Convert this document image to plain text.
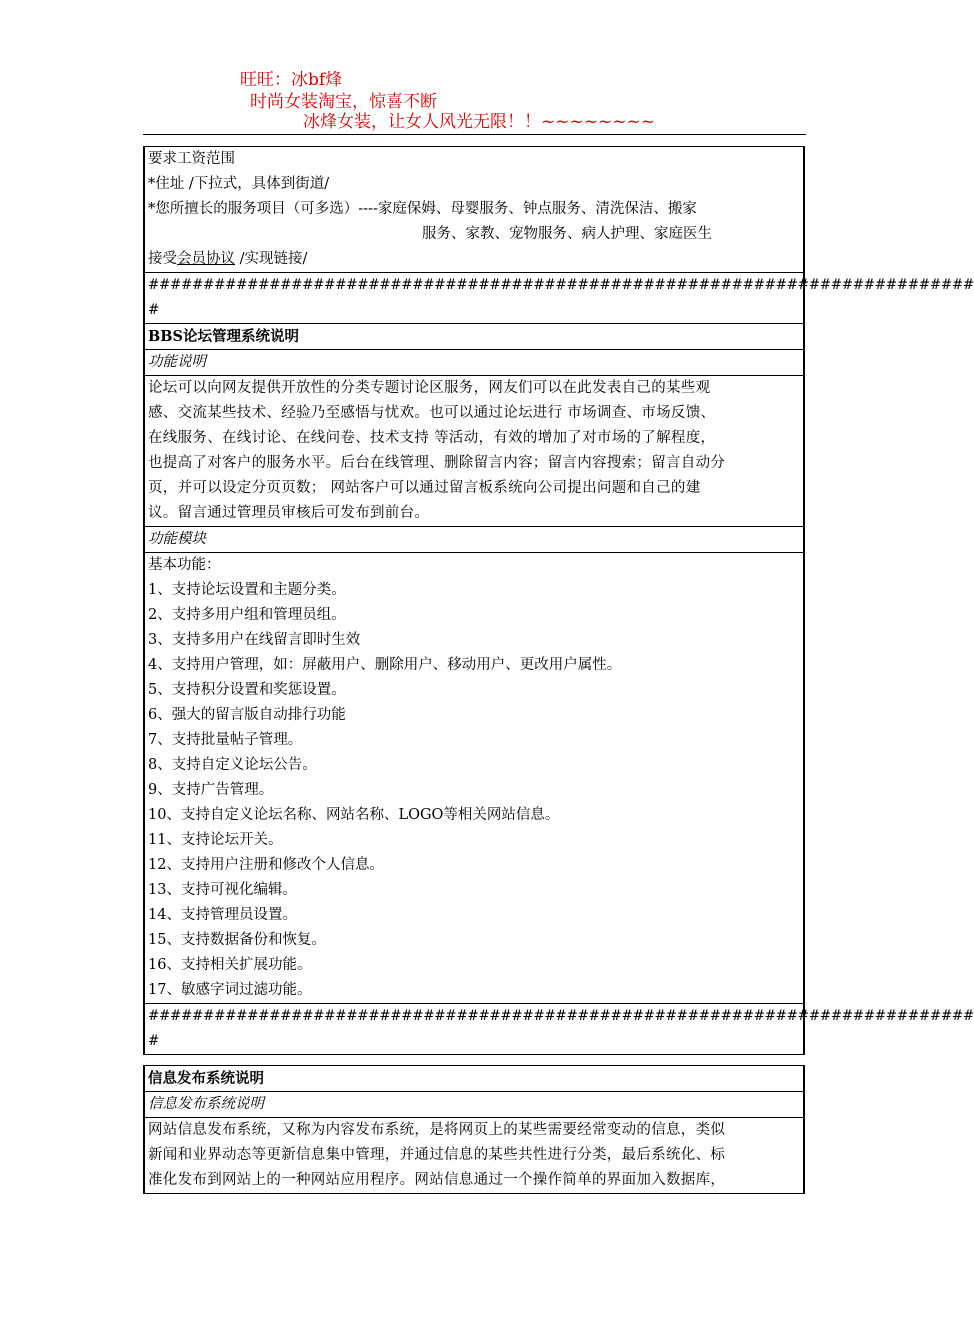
旺旺：冰bf烽
时尚女装淘宝，惊喜不断
冰烽女装，让女人风光无限！！~~~~~~~~
要求工资范围
*住址 /下拉式，具体到街道/
*您所擅长的服务项目（可多选）----家庭保姆、母婴服务、钟点服务、清洗保洁、搬家
服务、家教、宠物服务、病人护理、家庭医生
接受会员协议 /实现链接/
###########################################################################
#
BBS论坛管理系统说明
功能说明
论坛可以向网友提供开放性的分类专题讨论区服务，网友们可以在此发表自己的某些观
感、交流某些技术、经验乃至感悟与忧欢。也可以通过论坛进行 市场调查、市场反馈、
在线服务、在线讨论、在线问卷、技术支持 等活动，有效的增加了对市场的了解程度，
也提高了对客户的服务水平。后台在线管理、删除留言内容；留言内容搜索；留言自动分
页，并可以设定分页页数； 网站客户可以通过留言板系统向公司提出问题和自己的建
议。留言通过管理员审核后可发布到前台。
功能模块
基本功能：
1、支持论坛设置和主题分类。
2、支持多用户组和管理员组。
3、支持多用户在线留言即时生效
4、支持用户管理，如：屏蔽用户、删除用户、移动用户、更改用户属性。
5、支持积分设置和奖惩设置。
6、强大的留言版自动排行功能
7、支持批量帖子管理。
8、支持自定义论坛公告。
9、支持广告管理。
10、支持自定义论坛名称、网站名称、LOGO等相关网站信息。
11、支持论坛开关。
12、支持用户注册和修改个人信息。
13、支持可视化编辑。
14、支持管理员设置。
15、支持数据备份和恢复。
16、支持相关扩展功能。
17、敏感字词过滤功能。
###########################################################################
#
信息发布系统说明
信息发布系统说明
网站信息发布系统，又称为内容发布系统，是将网页上的某些需要经常变动的信息，类似
新闻和业界动态等更新信息集中管理，并通过信息的某些共性进行分类，最后系统化、标
准化发布到网站上的一种网站应用程序。网站信息通过一个操作简单的界面加入数据库，
